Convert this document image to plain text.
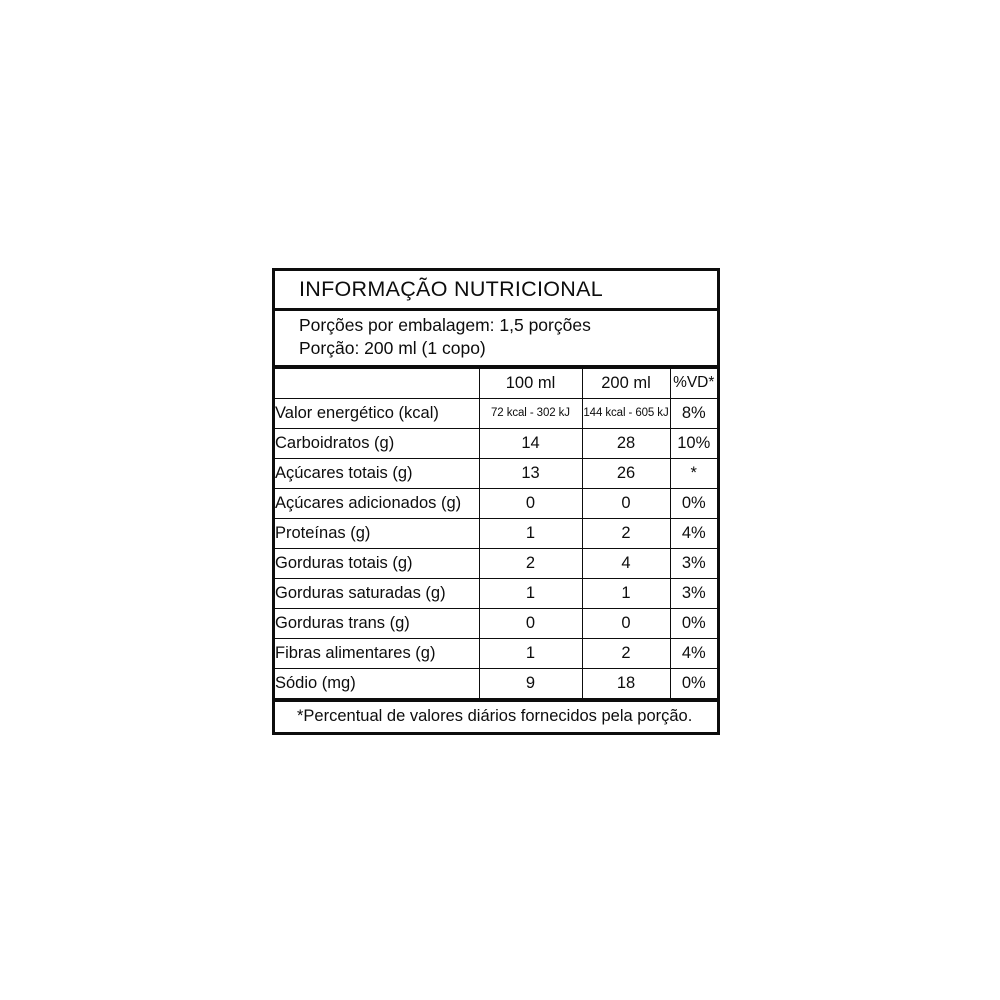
INFORMAÇÃO NUTRICIONAL
Porções por embalagem: 1,5 porções
Porção: 200 ml (1 copo)
	100 ml	200 ml	%VD*
Valor energético (kcal)	72 kcal - 302 kJ	144 kcal - 605 kJ	8%
Carboidratos (g)	14	28	10%
Açúcares totais (g)	13	26	*
Açúcares adicionados (g)	0	0	0%
Proteínas (g)	1	2	4%
Gorduras totais (g)	2	4	3%
Gorduras saturadas (g)	1	1	3%
Gorduras trans (g)	0	0	0%
Fibras alimentares (g)	1	2	4%
Sódio (mg)	9	18	0%
*Percentual de valores diários fornecidos pela porção.
